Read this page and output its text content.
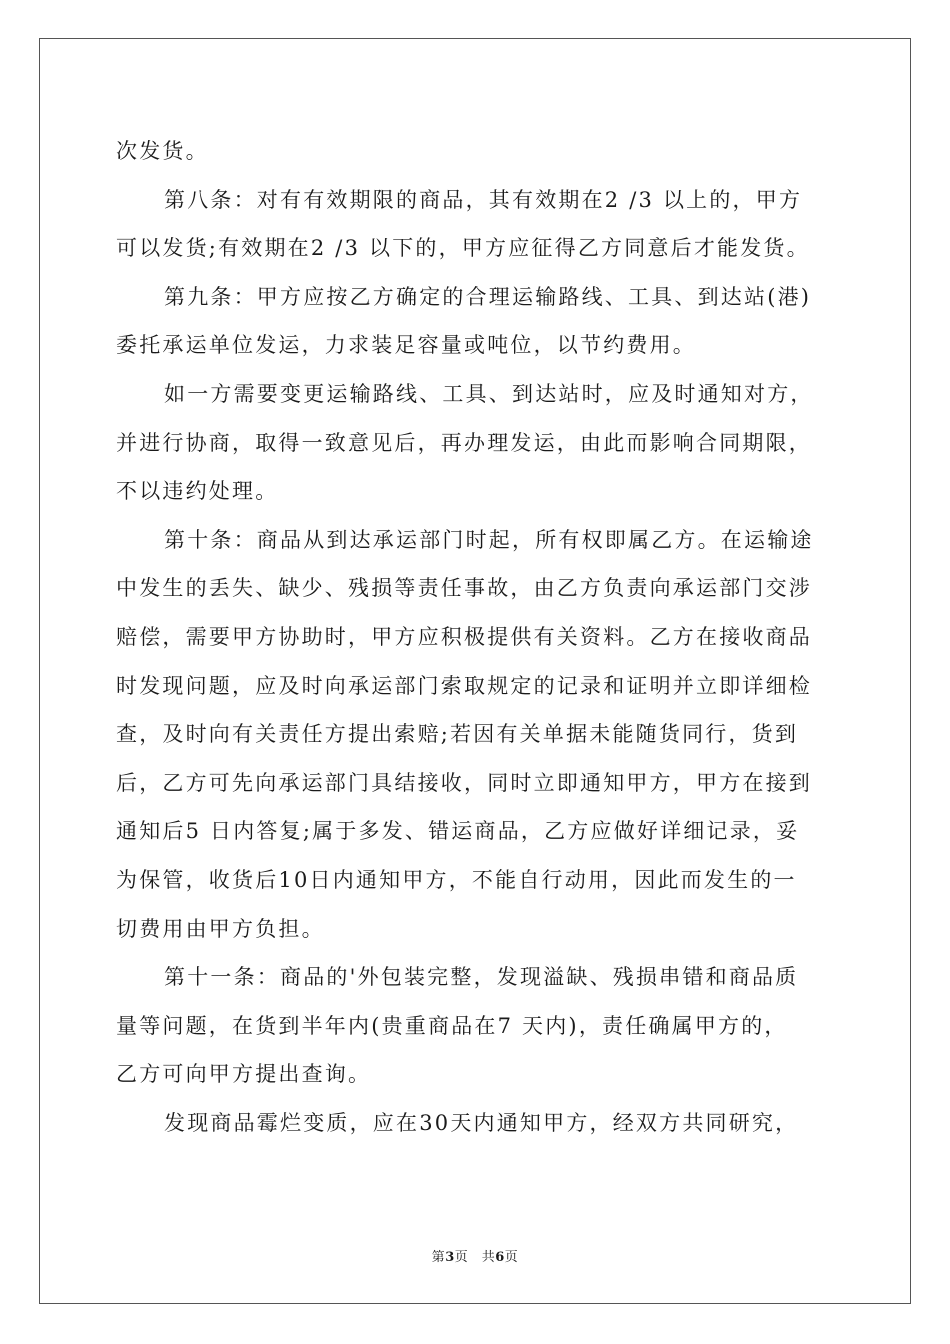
次发货。
第八条：对有有效期限的商品，其有效期在2 /3 以上的，甲方
可以发货;有效期在2 /3 以下的，甲方应征得乙方同意后才能发货。
第九条：甲方应按乙方确定的合理运输路线、工具、到达站(港)
委托承运单位发运，力求装足容量或吨位，以节约费用。
如一方需要变更运输路线、工具、到达站时，应及时通知对方，
并进行协商，取得一致意见后，再办理发运，由此而影响合同期限，
不以违约处理。
第十条：商品从到达承运部门时起，所有权即属乙方。在运输途
中发生的丢失、缺少、残损等责任事故，由乙方负责向承运部门交涉
赔偿，需要甲方协助时，甲方应积极提供有关资料。乙方在接收商品
时发现问题，应及时向承运部门索取规定的记录和证明并立即详细检
查，及时向有关责任方提出索赔;若因有关单据未能随货同行，货到
后，乙方可先向承运部门具结接收，同时立即通知甲方，甲方在接到
通知后5 日内答复;属于多发、错运商品，乙方应做好详细记录，妥
为保管，收货后10日内通知甲方，不能自行动用，因此而发生的一
切费用由甲方负担。
第十一条：商品的'外包装完整，发现溢缺、残损串错和商品质
量等问题，在货到半年内(贵重商品在7 天内)，责任确属甲方的，
乙方可向甲方提出查询。
发现商品霉烂变质，应在30天内通知甲方，经双方共同研究，
第3页　共6页
